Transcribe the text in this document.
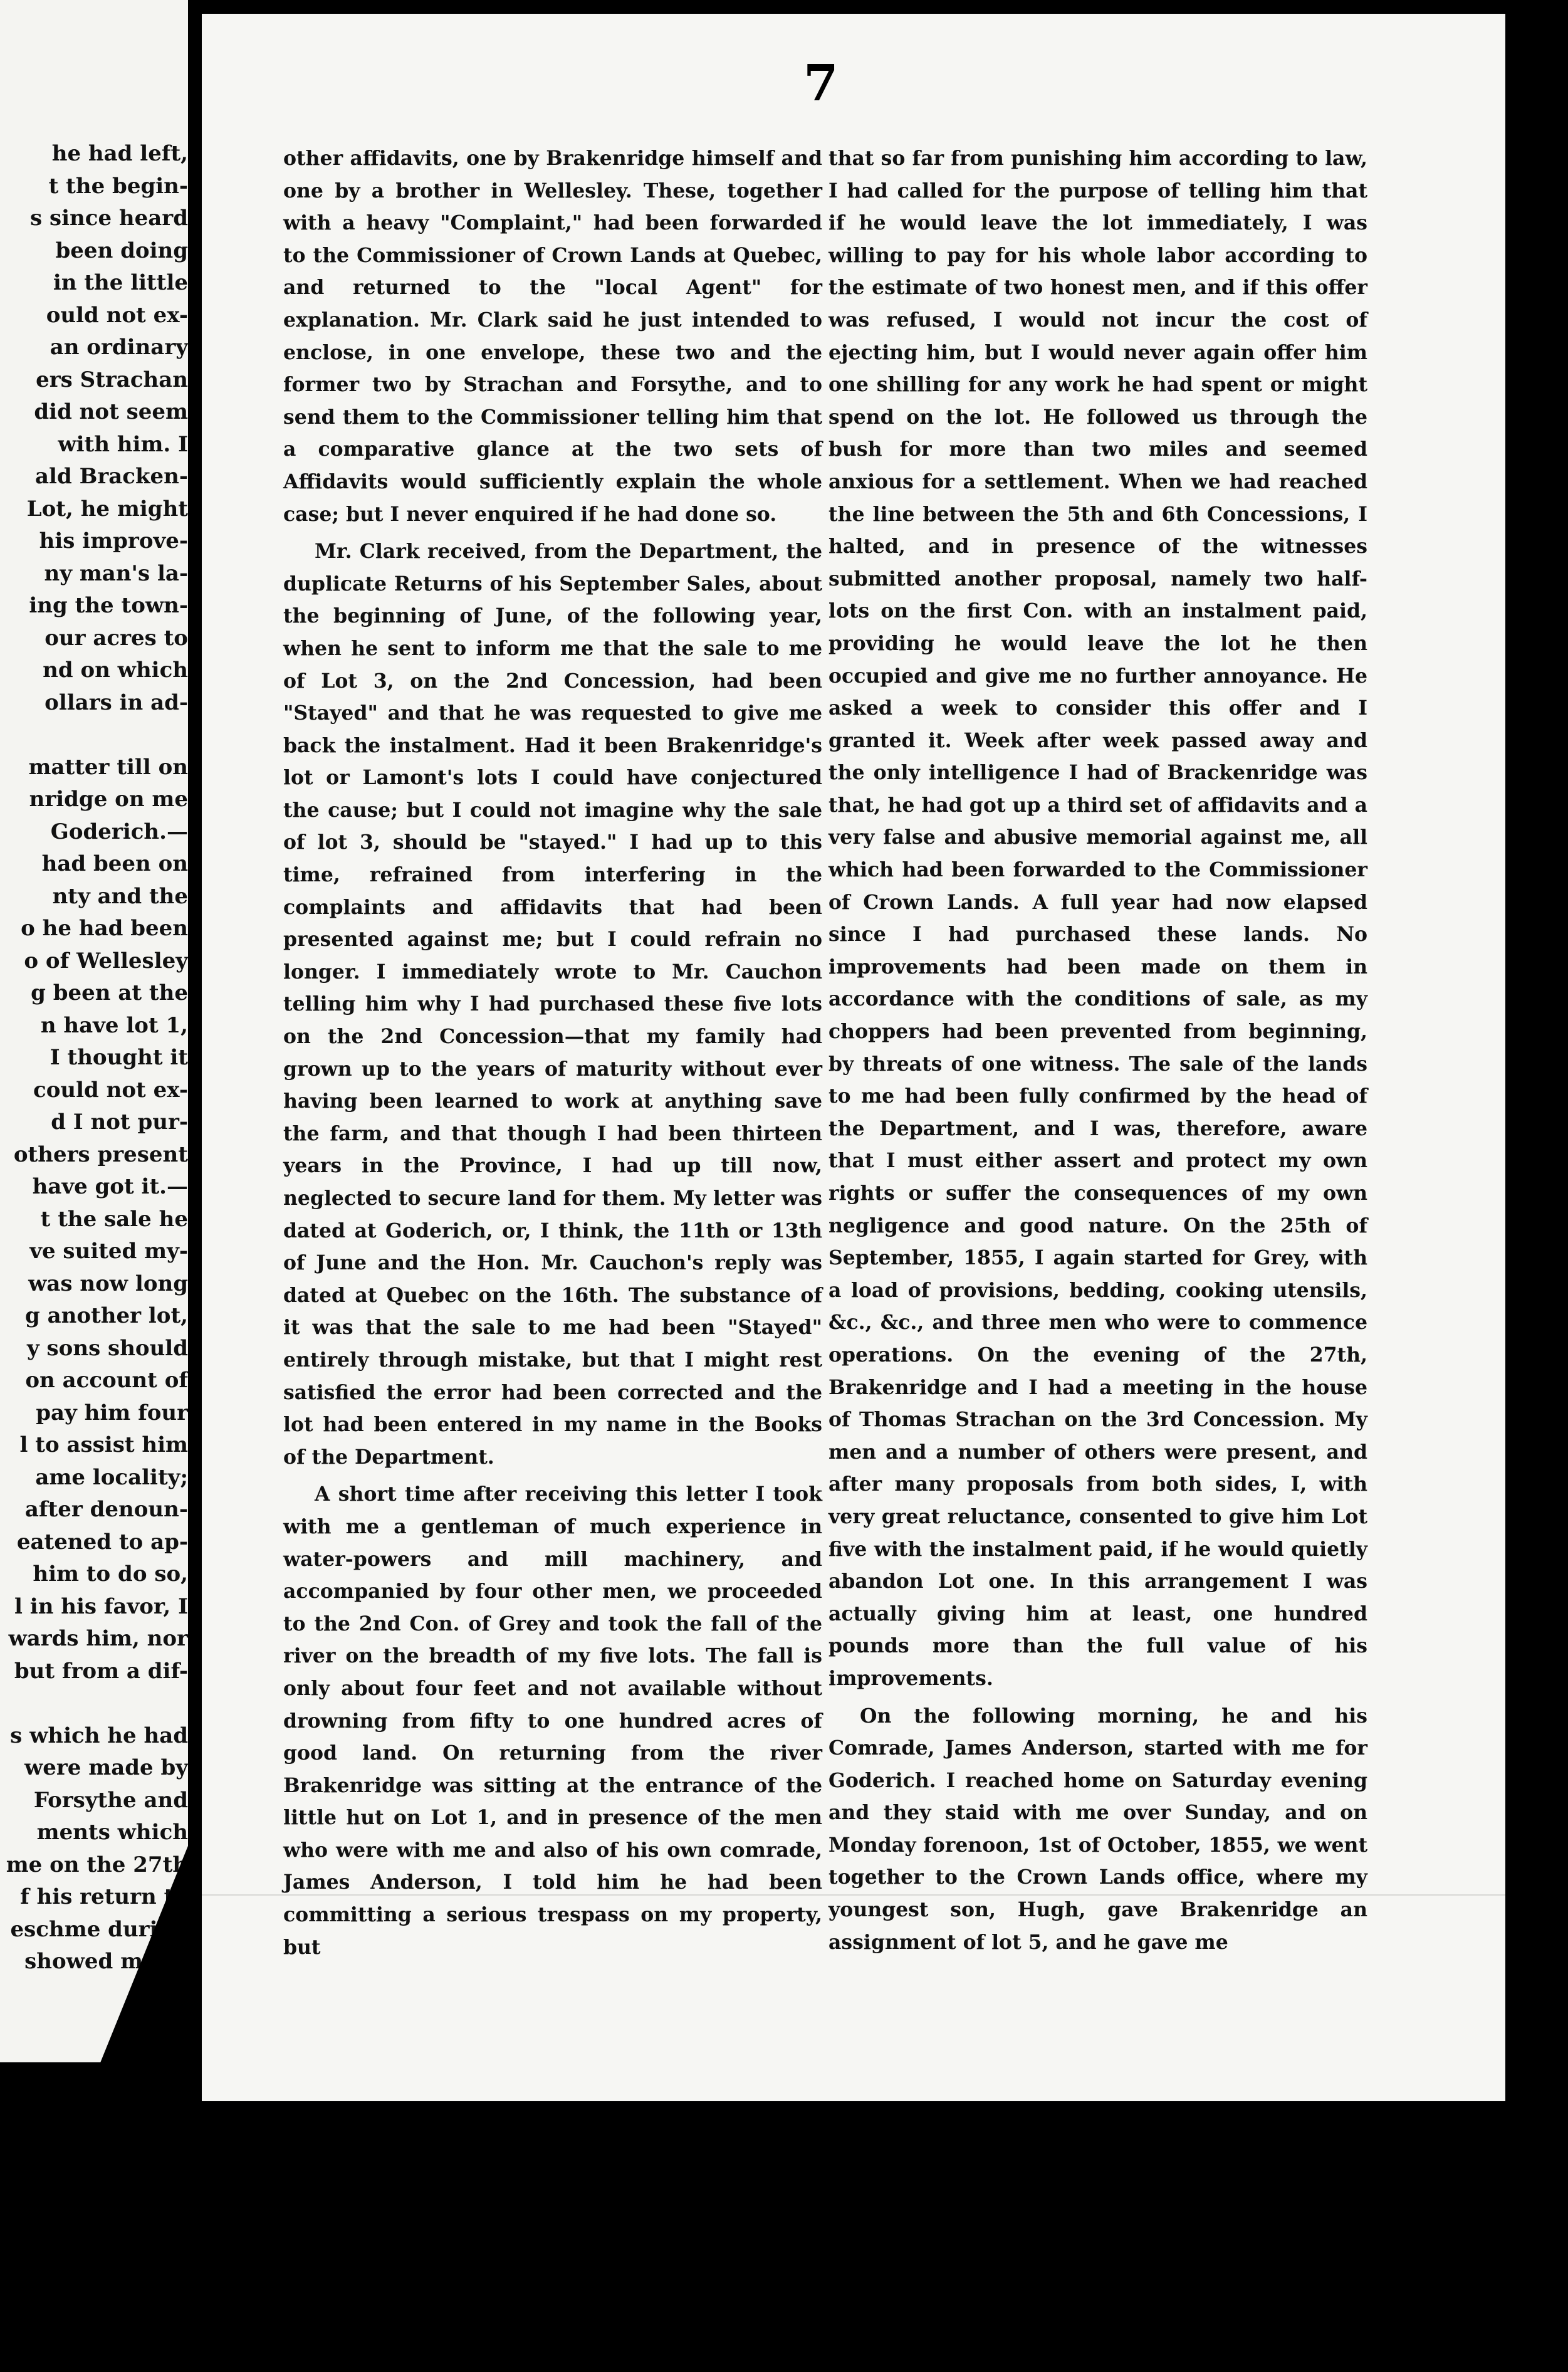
he had left,
t the begin-
s since heard
been doing
in the little
ould not ex-
an ordinary
ers Strachan
did not seem
with him. I
ald Bracken-
Lot, he might
his improve-
ny man's la-
ing the town-
our acres to
nd on which
ollars in ad-
matter till on
nridge on me
Goderich.—
had been on
nty and the
o he had been
o of Wellesley
g been at the
n have lot 1,
I thought it
could not ex-
d I not pur-
others present
have got it.—
t the sale he
ve suited my-
was now long
g another lot,
y sons should
on account of
pay him four
l to assist him
ame locality;
after denoun-
eatened to ap-
him to do so,
l in his favor, I
wards him, nor
but from a dif-
s which he had
were made by
Forsythe and
ments which
me on the 27th
f his return to
eschme during
showed me to
7

other affidavits, one by Brakenridge himself and one by a brother in Wellesley. These, together with a heavy "Complaint," had been forwarded to the Commissioner of Crown Lands at Quebec, and returned to the "local Agent" for explanation. Mr. Clark said he just intended to enclose, in one envelope, these two and the former two by Strachan and Forsythe, and to send them to the Commissioner telling him that a comparative glance at the two sets of Affidavits would sufficiently explain the whole case; but I never enquired if he had done so.

Mr. Clark received, from the Department, the duplicate Returns of his September Sales, about the beginning of June, of the following year, when he sent to inform me that the sale to me of Lot 3, on the 2nd Concession, had been "Stayed" and that he was requested to give me back the instalment. Had it been Brakenridge's lot or Lamont's lots I could have conjectured the cause; but I could not imagine why the sale of lot 3, should be "stayed." I had up to this time, refrained from interfering in the complaints and affidavits that had been presented against me; but I could refrain no longer. I immediately wrote to Mr. Cauchon telling him why I had purchased these five lots on the 2nd Concession—that my family had grown up to the years of maturity without ever having been learned to work at anything save the farm, and that though I had been thirteen years in the Province, I had up till now, neglected to secure land for them. My letter was dated at Goderich, or, I think, the 11th or 13th of June and the Hon. Mr. Cauchon's reply was dated at Quebec on the 16th. The substance of it was that the sale to me had been "Stayed" entirely through mistake, but that I might rest satisfied the error had been corrected and the lot had been entered in my name in the Books of the Department.

A short time after receiving this letter I took with me a gentleman of much experience in water-powers and mill machinery, and accompanied by four other men, we proceeded to the 2nd Con. of Grey and took the fall of the river on the breadth of my five lots. The fall is only about four feet and not available without drowning from fifty to one hundred acres of good land. On returning from the river Brakenridge was sitting at the entrance of the little hut on Lot 1, and in presence of the men who were with me and also of his own comrade, James Anderson, I told him he had been committing a serious trespass on my property, but

that so far from punishing him according to law, I had called for the purpose of telling him that if he would leave the lot immediately, I was willing to pay for his whole labor according to the estimate of two honest men, and if this offer was refused, I would not incur the cost of ejecting him, but I would never again offer him one shilling for any work he had spent or might spend on the lot. He followed us through the bush for more than two miles and seemed anxious for a settlement. When we had reached the line between the 5th and 6th Concessions, I halted, and in presence of the witnesses submitted another proposal, namely two half-lots on the first Con. with an instalment paid, providing he would leave the lot he then occupied and give me no further annoyance. He asked a week to consider this offer and I granted it. Week after week passed away and the only intelligence I had of Brackenridge was that, he had got up a third set of affidavits and a very false and abusive memorial against me, all which had been forwarded to the Commissioner of Crown Lands. A full year had now elapsed since I had purchased these lands. No improvements had been made on them in accordance with the conditions of sale, as my choppers had been prevented from beginning, by threats of one witness. The sale of the lands to me had been fully confirmed by the head of the Department, and I was, therefore, aware that I must either assert and protect my own rights or suffer the consequences of my own negligence and good nature. On the 25th of September, 1855, I again started for Grey, with a load of provisions, bedding, cooking utensils, &c., &c., and three men who were to commence operations. On the evening of the 27th, Brakenridge and I had a meeting in the house of Thomas Strachan on the 3rd Concession. My men and a number of others were present, and after many proposals from both sides, I, with very great reluctance, consented to give him Lot five with the instalment paid, if he would quietly abandon Lot one. In this arrangement I was actually giving him at least, one hundred pounds more than the full value of his improvements.

On the following morning, he and his Comrade, James Anderson, started with me for Goderich. I reached home on Saturday evening and they staid with me over Sunday, and on Monday forenoon, 1st of October, 1855, we went together to the Crown Lands office, where my youngest son, Hugh, gave Brakenridge an assignment of lot 5, and he gave me
